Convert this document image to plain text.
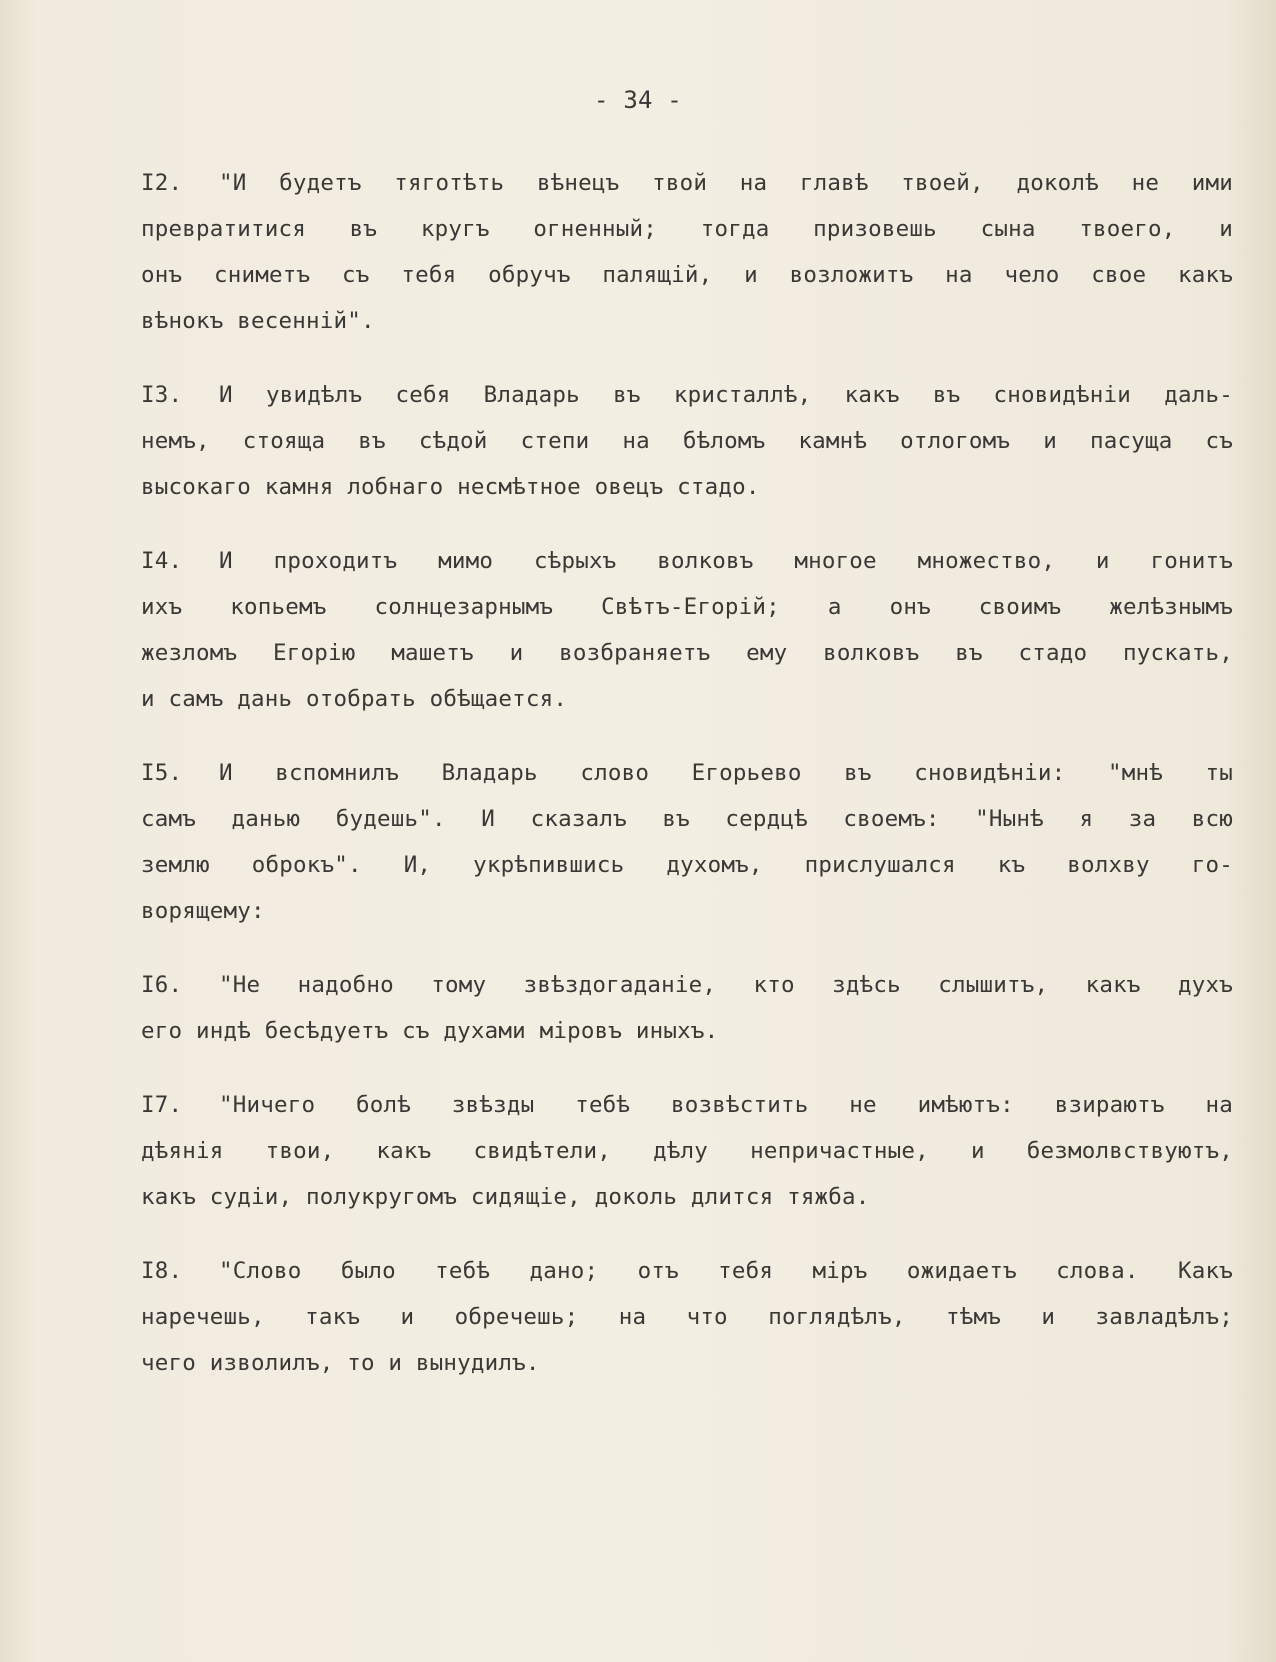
- 34 -
I2. "И будетъ тяготѣть вѣнецъ твой на главѣ твоей, доколѣ не ими
превратитися въ кругъ огненный; тогда призовешь сына твоего, и
онъ сниметъ съ тебя обручъ палящій, и возложитъ на чело свое какъ
вѣнокъ весенній".
I3. И увидѣлъ себя Владарь въ кристаллѣ, какъ въ сновидѣніи даль-
немъ, стояща въ сѣдой степи на бѣломъ камнѣ отлогомъ и пасуща съ
высокаго камня лобнаго несмѣтное овецъ стадо.
I4. И проходитъ мимо сѣрыхъ волковъ многое множество, и гонитъ
ихъ копьемъ солнцезарнымъ Свѣтъ-Егорій; а онъ своимъ желѣзнымъ
жезломъ Егорію машетъ и возбраняетъ ему волковъ въ стадо пускать,
и самъ дань отобрать обѣщается.
I5. И вспомнилъ Владарь слово Егорьево въ сновидѣніи: "мнѣ ты
самъ данью будешь". И сказалъ въ сердцѣ своемъ: "Нынѣ я за всю
землю оброкъ". И, укрѣпившись духомъ, прислушался къ волхву го-
ворящему:
I6. "Не надобно тому звѣздогаданіе, кто здѣсь слышитъ, какъ духъ
его индѣ бесѣдуетъ съ духами міровъ иныхъ.
I7. "Ничего болѣ звѣзды тебѣ возвѣстить не имѣютъ: взираютъ на
дѣянія твои, какъ свидѣтели, дѣлу непричастные, и безмолвствуютъ,
какъ судіи, полукругомъ сидящіе, доколь длится тяжба.
I8. "Слово было тебѣ дано; отъ тебя міръ ожидаетъ слова. Какъ
наречешь, такъ и обречешь; на что поглядѣлъ, тѣмъ и завладѣлъ;
чего изволилъ, то и вынудилъ.
